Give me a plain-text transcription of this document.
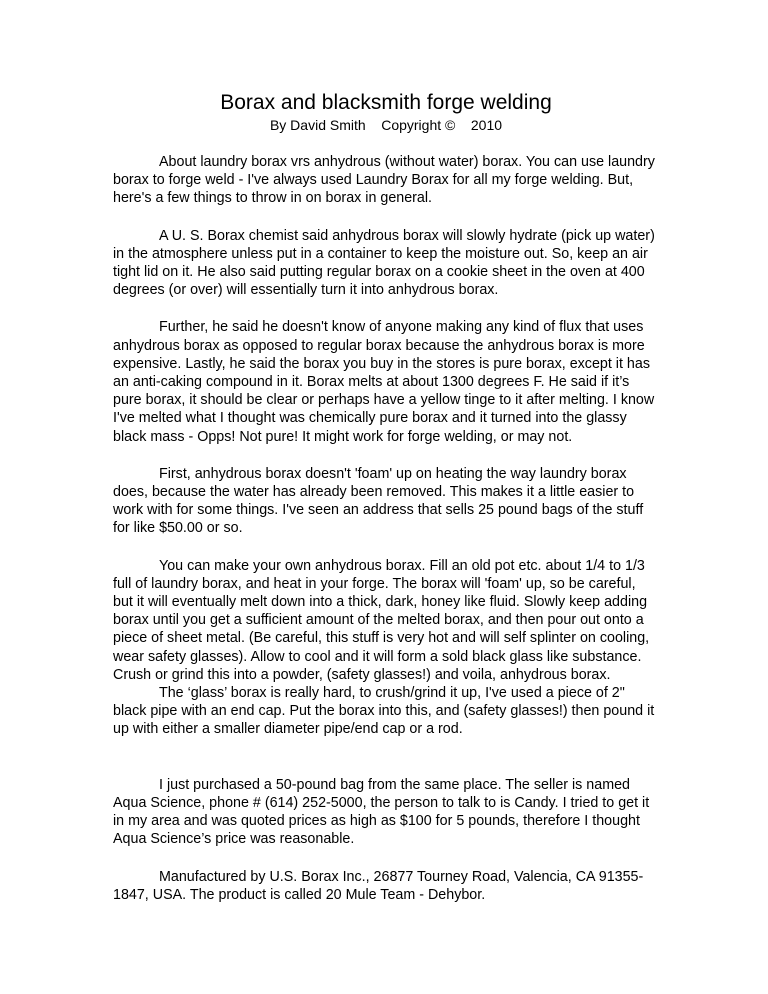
Borax and blacksmith forge welding
By David Smith    Copyright ©    2010

About laundry borax vrs anhydrous (without water) borax. You can use laundry borax to forge weld - I've always used Laundry Borax for all my forge welding. But, here's a few things to throw in on borax in general.

A U. S. Borax chemist said anhydrous borax will slowly hydrate (pick up water) in the atmosphere unless put in a container to keep the moisture out. So, keep an air tight lid on it. He also said putting regular borax on a cookie sheet in the oven at 400 degrees (or over) will essentially turn it into anhydrous borax.

Further, he said he doesn't know of anyone making any kind of flux that uses anhydrous borax as opposed to regular borax because the anhydrous borax is more expensive. Lastly, he said the borax you buy in the stores is pure borax, except it has an anti-caking compound in it. Borax melts at about 1300 degrees F. He said if it’s pure borax, it should be clear or perhaps have a yellow tinge to it after melting. I know I've melted what I thought was chemically pure borax and it turned into the glassy black mass - Opps! Not pure! It might work for forge welding, or may not.

First, anhydrous borax doesn't 'foam' up on heating the way laundry borax does, because the water has already been removed. This makes it a little easier to work with for some things. I've seen an address that sells 25 pound bags of the stuff for like $50.00 or so.

You can make your own anhydrous borax. Fill an old pot etc. about 1/4 to 1/3 full of laundry borax, and heat in your forge. The borax will 'foam' up, so be careful, but it will eventually melt down into a thick, dark, honey like fluid. Slowly keep adding borax until you get a sufficient amount of the melted borax, and then pour out onto a piece of sheet metal. (Be careful, this stuff is very hot and will self splinter on cooling, wear safety glasses). Allow to cool and it will form a sold black glass like substance. Crush or grind this into a powder, (safety glasses!) and voila, anhydrous borax.

The ‘glass’ borax is really hard, to crush/grind it up, I've used a piece of 2" black pipe with an end cap. Put the borax into this, and (safety glasses!) then pound it up with either a smaller diameter pipe/end cap or a rod.

I just purchased a 50-pound bag from the same place. The seller is named Aqua Science, phone # (614) 252-5000, the person to talk to is Candy. I tried to get it in my area and was quoted prices as high as $100 for 5 pounds, therefore I thought Aqua Science’s price was reasonable.

Manufactured by U.S. Borax Inc., 26877 Tourney Road, Valencia, CA 91355-1847, USA. The product is called 20 Mule Team - Dehybor.
